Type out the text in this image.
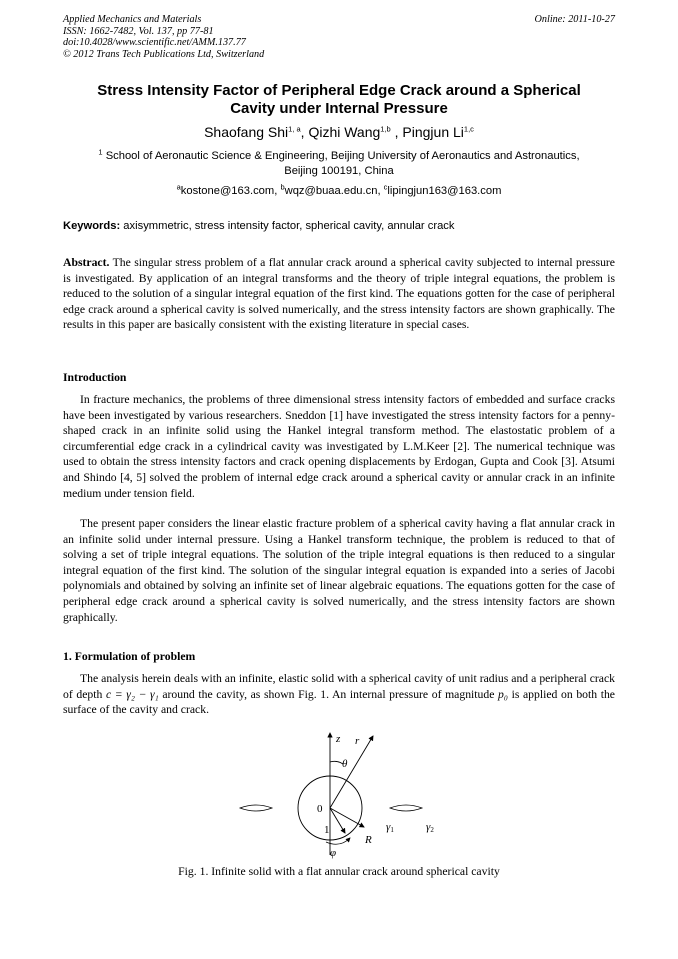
Applied Mechanics and Materials
ISSN: 1662-7482, Vol. 137, pp 77-81
doi:10.4028/www.scientific.net/AMM.137.77
© 2012 Trans Tech Publications Ltd, Switzerland
Online: 2011-10-27
Stress Intensity Factor of Peripheral Edge Crack around a Spherical
Cavity under Internal Pressure
Shaofang Shi$^{1, a}$, Qizhi Wang$^{1,b}$ , Pingjun Li$^{1,c}$
$^1$ School of Aeronautic Science & Engineering, Beijing University of Aeronautics and Astronautics,
Beijing 100191, China
$^a$kostone@163.com, $^b$wqz@buaa.edu.cn, $^c$lipingjun163@163.com
Keywords: axisymmetric, stress intensity factor, spherical cavity, annular crack

Abstract. The singular stress problem of a flat annular crack around a spherical cavity subjected to internal pressure is investigated. By application of an integral transforms and the theory of triple integral equations, the problem is reduced to the solution of a singular integral equation of the first kind. The equations gotten for the case of peripheral edge crack around a spherical cavity is solved numerically, and the stress intensity factors are shown graphically. The results in this paper are basically consistent with the existing literature in special cases.

Introduction

In fracture mechanics, the problems of three dimensional stress intensity factors of embedded and surface cracks have been investigated by various researchers. Sneddon [1] have investigated the stress intensity factors for a penny-shaped crack in an infinite solid using the Hankel integral transform method. The elastostatic problem of a circumferential edge crack in a cylindrical cavity was investigated by L.M.Keer [2]. The numerical technique was used to obtain the stress intensity factors and crack opening displacements by Erdogan, Gupta and Cook [3]. Atsumi and Shindo [4, 5] solved the problem of internal edge crack around a spherical cavity or annular crack in an infinite medium under tension field.

The present paper considers the linear elastic fracture problem of a spherical cavity having a flat annular crack in an infinite solid under internal pressure. Using a Hankel transform technique, the problem is reduced to that of solving a set of triple integral equations. The solution of the triple integral equations is then reduced to a singular integral equation of the first kind. The solution of the singular integral equation is expanded into a series of Jacobi polynomials and obtained by solving an infinite set of linear algebraic equations. The equations gotten for the case of peripheral edge crack around a spherical cavity is solved numerically, and the stress intensity factors are shown graphically.

1. Formulation of problem

The analysis herein deals with an infinite, elastic solid with a spherical cavity of unit radius and a peripheral crack of depth c = γ₂ − γ₁ around the cavity, as shown Fig. 1. An internal pressure of magnitude p₀ is applied on both the surface of the cavity and crack.

z r
θ
0
1
R
φ
γ1	γ2
Fig. 1. Infinite solid with a flat annular crack around spherical cavity
